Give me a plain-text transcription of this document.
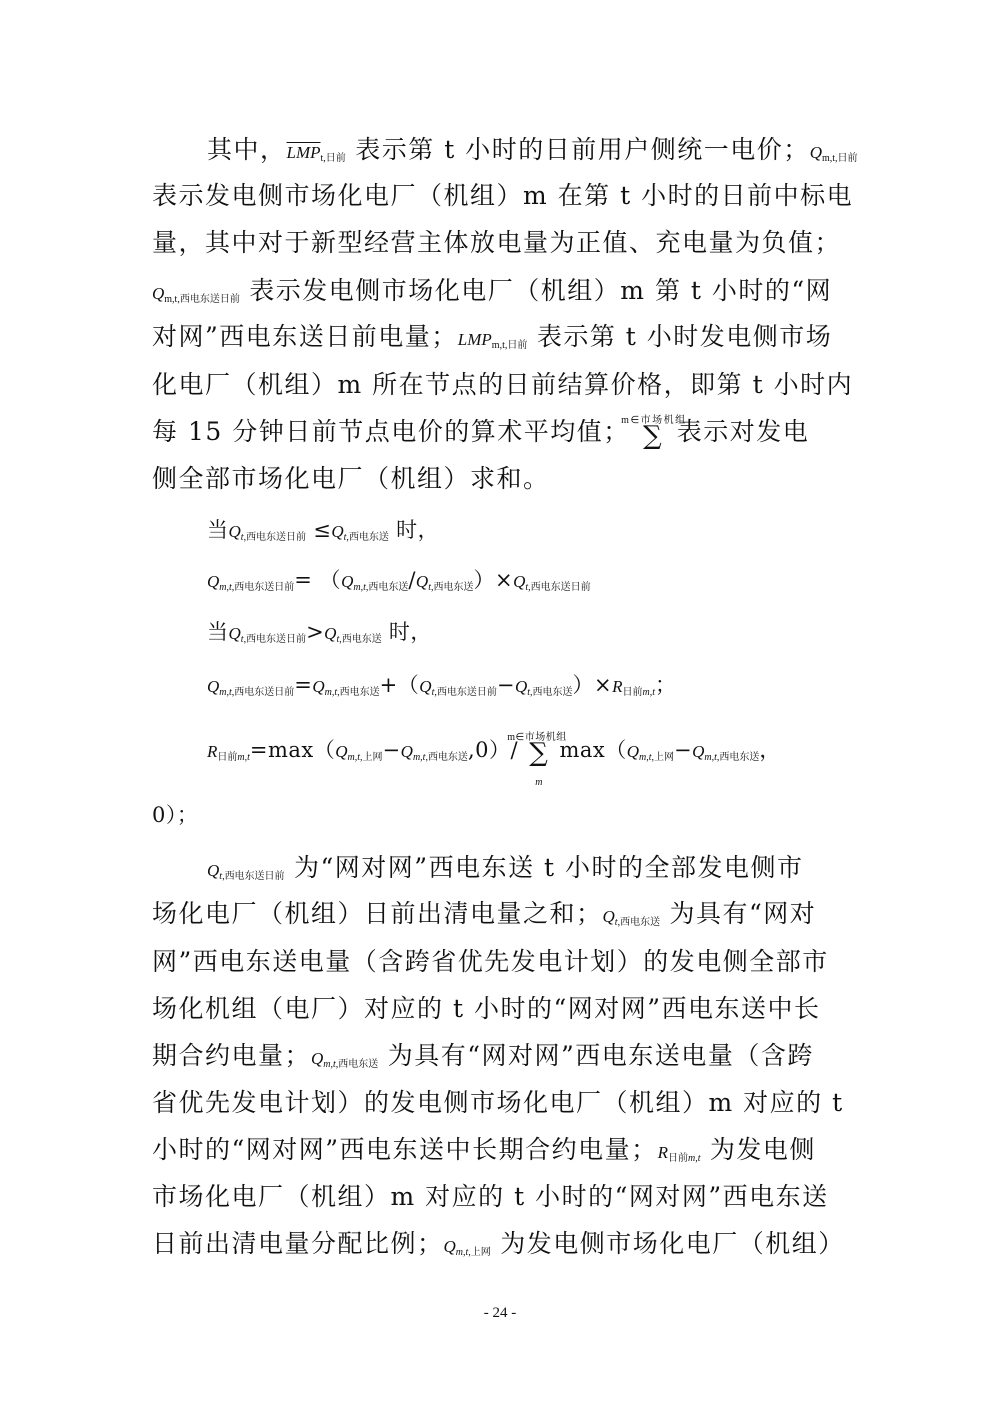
其中，$\overline{LMP}_{t,日前}$ 表示第 t 小时的日前用户侧统一电价；$Q_{m,t,日前}$
表示发电侧市场化电厂（机组）m 在第 t 小时的日前中标电
量，其中对于新型经营主体放电量为正值、充电量为负值；
$Q_{m,t,西电东送日前}$ 表示发电侧市场化电厂（机组）m 第 t 小时的“网
对网”西电东送日前电量；$LMP_{m,t,日前}$ 表示第 t 小时发电侧市场
化电厂（机组）m 所在节点的日前结算价格，即第 t 小时内
每 15 分钟日前节点电价的算术平均值； ∑
m∈市场机组
表示对发电
侧全部市场化电厂（机组）求和。
当$Q_{t,西电东送日前} \le Q_{t,西电东送}$ 时，
$Q_{m,t,西电东送日前}= (Q_{m,t,西电东送}/Q_{t,西电东送})\times Q_{t,西电东送日前}$
当$Q_{t,西电东送日前}>Q_{t,西电东送}$ 时，
$Q_{m,t,西电东送日前}=Q_{m,t,西电东送}+(Q_{t,西电东送日前}-Q_{t,西电东送})\times R_{日前m,t}$；
$R_{日前m,t}=\max(Q_{m,t,上网}-Q_{m,t,西电东送},0)/$ ∑
m∈市场机组
m
$\max(Q_{m,t,上网}-Q_{m,t,西电东送}$，
0）；
$Q_{t,西电东送日前}$ 为“网对网”西电东送 t 小时的全部发电侧市
场化电厂（机组）日前出清电量之和；$Q_{t,西电东送}$ 为具有“网对
网”西电东送电量（含跨省优先发电计划）的发电侧全部市
场化机组（电厂）对应的 t 小时的“网对网”西电东送中长
期合约电量；$Q_{m,t,西电东送}$ 为具有“网对网”西电东送电量（含跨
省优先发电计划）的发电侧市场化电厂（机组）m 对应的 t
小时的“网对网”西电东送中长期合约电量；$R_{日前m,t}$ 为发电侧
市场化电厂（机组）m 对应的 t 小时的“网对网”西电东送
日前出清电量分配比例；$Q_{m,t,上网}$ 为发电侧市场化电厂（机组）
- 24 -
